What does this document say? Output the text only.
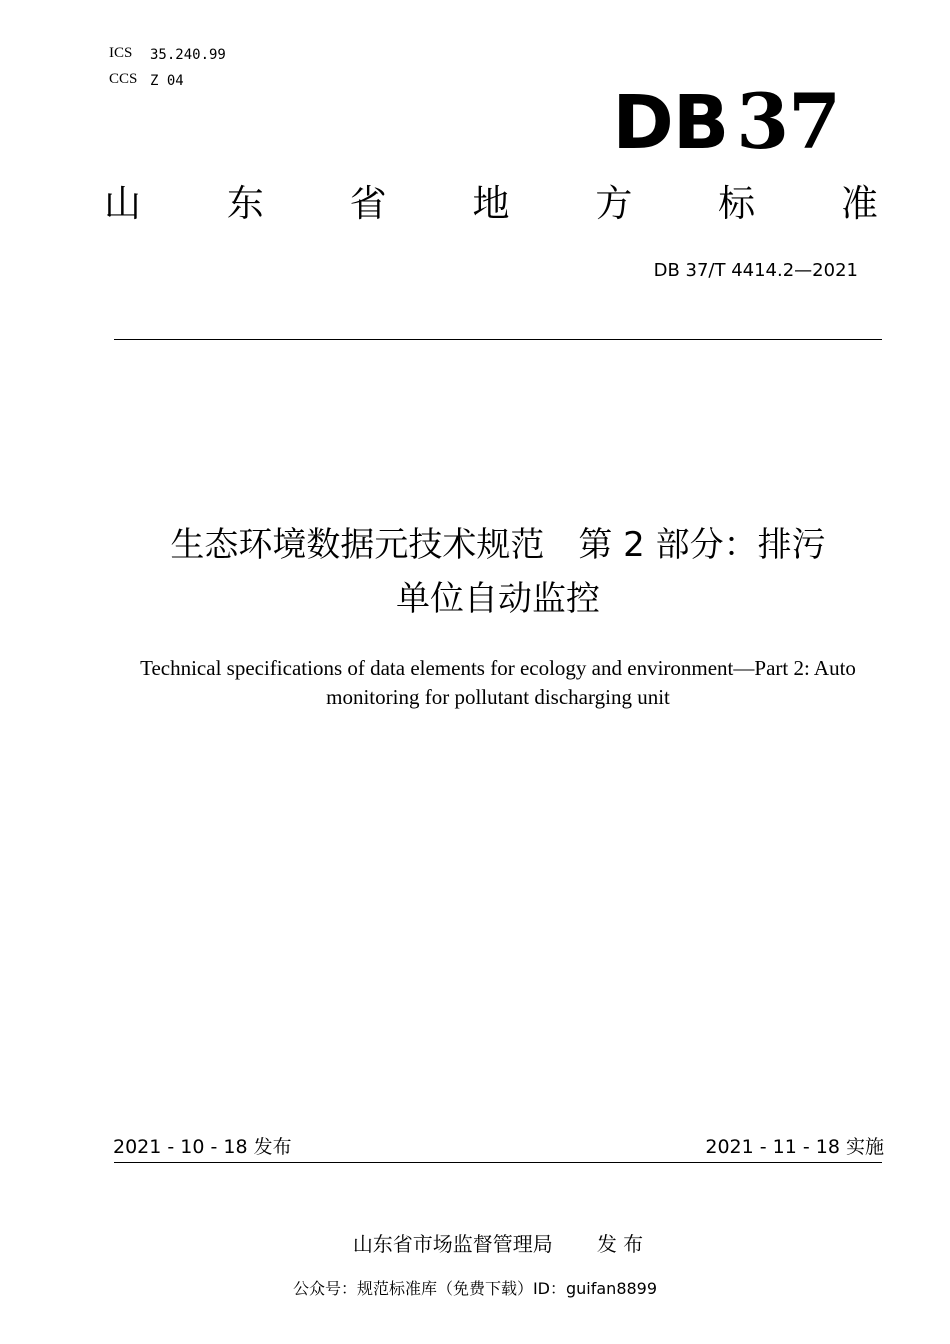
ICS 35.240.99
CCS Z 04	DB 37
山 东 省 地 方 标 准
DB 37/T 4414.2—2021
生态环境数据元技术规范　第 2 部分：排污
单位自动监控
Technical specifications of data elements for ecology and environment—Part 2: Auto
monitoring for pollutant discharging unit
2021 - 10 - 18 发布	2021 - 11 - 18 实施
山东省市场监督管理局 发 布
公众号：规范标准库（免费下载）ID：guifan8899
